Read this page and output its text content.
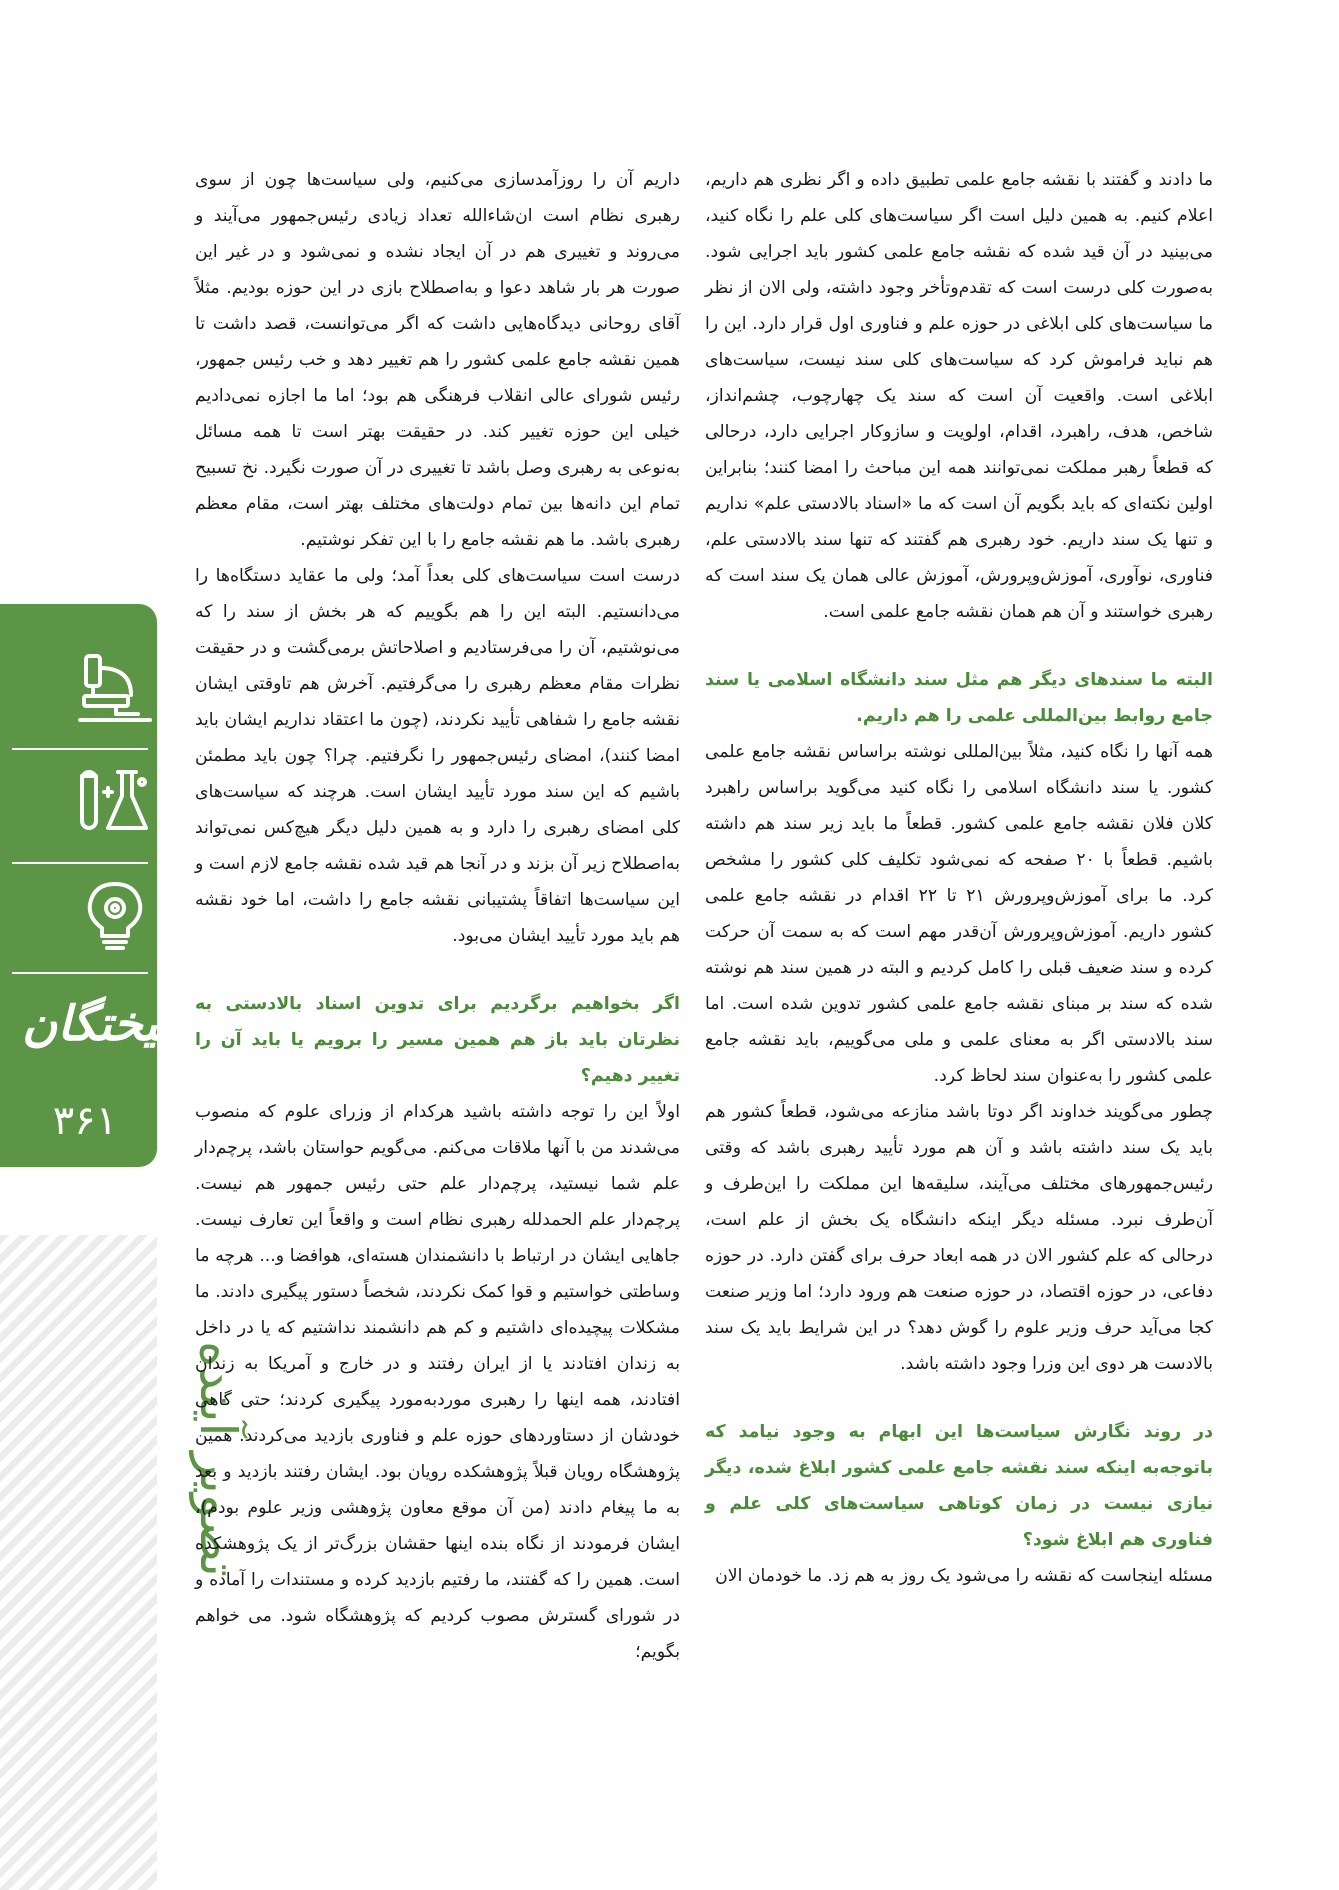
فرهیختگان
۳۶۱
تصویر آینده

ما دادند و گفتند با نقشه جامع علمی تطبیق داده و اگر نظری هم داریم، اعلام کنیم. به همین دلیل است اگر سیاست‌های کلی علم را نگاه کنید، می‌بینید در آن قید شده که نقشه جامع علمی کشور باید اجرایی شود. به‌صورت کلی درست است که تقدم‌وتأخر وجود داشته، ولی الان از نظر ما سیاست‌های کلی ابلاغی در حوزه علم و فناوری اول قرار دارد. این را هم نباید فراموش کرد که سیاست‌های کلی سند نیست، سیاست‌های ابلاغی است. واقعیت آن است که سند یک چهارچوب، چشم‌انداز، شاخص، هدف، راهبرد، اقدام، اولویت و سازوکار اجرایی دارد، درحالی که قطعاً رهبر مملکت نمی‌توانند همه این مباحث را امضا کنند؛ بنابراین اولین نکته‌ای که باید بگویم آن است که ما «اسناد بالادستی علم» نداریم و تنها یک سند داریم. خود رهبری هم گفتند که تنها سند بالادستی علم، فناوری، نوآوری، آموزش‌وپرورش، آموزش عالی همان یک سند است که رهبری خواستند و آن هم همان نقشه جامع علمی است.

البته ما سندهای دیگر هم مثل سند دانشگاه اسلامی یا سند جامع روابط بین‌المللی علمی را هم داریم.

همه آنها را نگاه کنید، مثلاً بین‌المللی نوشته براساس نقشه جامع علمی کشور. یا سند دانشگاه اسلامی را نگاه کنید می‌گوید براساس راهبرد کلان فلان نقشه جامع علمی کشور. قطعاً ما باید زیر سند هم داشته باشیم. قطعاً با ۲۰ صفحه که نمی‌شود تکلیف کلی کشور را مشخص کرد. ما برای آموزش‌وپرورش ۲۱ تا ۲۲ اقدام در نقشه جامع علمی کشور داریم. آموزش‌وپرورش آن‌قدر مهم است که به سمت آن حرکت کرده و سند ضعیف قبلی را کامل کردیم و البته در همین سند هم نوشته شده که سند بر مبنای نقشه جامع علمی کشور تدوین شده است. اما سند بالادستی اگر به معنای علمی و ملی می‌گوییم، باید نقشه جامع علمی کشور را به‌عنوان سند لحاظ کرد.

چطور می‌گویند خداوند اگر دوتا باشد منازعه می‌شود، قطعاً کشور هم باید یک سند داشته باشد و آن هم مورد تأیید رهبری باشد که وقتی رئیس‌جمهورهای مختلف می‌آیند، سلیقه‌ها این مملکت را این‌طرف و آن‌طرف نبرد. مسئله دیگر اینکه دانشگاه یک بخش از علم است، درحالی که علم کشور الان در همه ابعاد حرف برای گفتن دارد. در حوزه دفاعی، در حوزه اقتصاد، در حوزه صنعت هم ورود دارد؛ اما وزیر صنعت کجا می‌آید حرف وزیر علوم را گوش دهد؟ در این شرایط باید یک سند بالادست هر دوی این وزرا وجود داشته باشد.

در روند نگارش سیاست‌ها این ابهام به وجود نیامد که باتوجه‌به اینکه سند نقشه جامع علمی کشور ابلاغ شده، دیگر نیازی نیست در زمان کوتاهی سیاست‌های کلی علم و فناوری هم ابلاغ شود؟

مسئله اینجاست که نقشه را می‌شود یک روز به هم زد. ما خودمان الان

داریم آن را روزآمدسازی می‌کنیم، ولی سیاست‌ها چون از سوی رهبری نظام است ان‌شاءالله تعداد زیادی رئیس‌جمهور می‌آیند و می‌روند و تغییری هم در آن ایجاد نشده و نمی‌شود و در غیر این صورت هر بار شاهد دعوا و به‌اصطلاح بازی در این حوزه بودیم. مثلاً آقای روحانی دیدگاه‌هایی داشت که اگر می‌توانست، قصد داشت تا همین نقشه جامع علمی کشور را هم تغییر دهد و خب رئیس جمهور، رئیس شورای عالی انقلاب فرهنگی هم بود؛ اما ما اجازه نمی‌دادیم خیلی این حوزه تغییر کند. در حقیقت بهتر است تا همه مسائل به‌نوعی به رهبری وصل باشد تا تغییری در آن صورت نگیرد. نخ تسبیح تمام این دانه‌ها بین تمام دولت‌های مختلف بهتر است، مقام معظم رهبری باشد. ما هم نقشه جامع را با این تفکر نوشتیم.

درست است سیاست‌های کلی بعداً آمد؛ ولی ما عقاید دستگاه‌ها را می‌دانستیم. البته این را هم بگوییم که هر بخش از سند را که می‌نوشتیم، آن را می‌فرستادیم و اصلاحاتش برمی‌گشت و در حقیقت نظرات مقام معظم رهبری را می‌گرفتیم. آخرش هم تاوقتی ایشان نقشه جامع را شفاهی تأیید نکردند، (چون ما اعتقاد نداریم ایشان باید امضا کنند)، امضای رئیس‌جمهور را نگرفتیم. چرا؟ چون باید مطمئن باشیم که این سند مورد تأیید ایشان است. هرچند که سیاست‌های کلی امضای رهبری را دارد و به همین دلیل دیگر هیچ‌کس نمی‌تواند به‌اصطلاح زیر آن بزند و در آنجا هم قید شده نقشه جامع لازم است و این سیاست‌ها اتفاقاً پشتیبانی نقشه جامع را داشت، اما خود نقشه هم باید مورد تأیید ایشان می‌بود.

اگر بخواهیم برگردیم برای تدوین اسناد بالادستی به نظرتان باید باز هم همین مسیر را برویم یا باید آن را تغییر دهیم؟

اولاً این را توجه داشته باشید هرکدام از وزرای علوم که منصوب می‌شدند من با آنها ملاقات می‌کنم. می‌گویم حواستان باشد، پرچم‌دار علم شما نیستید، پرچم‌دار علم حتی رئیس جمهور هم نیست. پرچم‌دار علم الحمدلله رهبری نظام است و واقعاً این تعارف نیست. جاهایی ایشان در ارتباط با دانشمندان هسته‌ای، هوافضا و... هرچه ما وساطتی خواستیم و قوا کمک نکردند، شخصاً دستور پیگیری دادند. ما مشکلات پیچیده‌ای داشتیم و کم هم دانشمند نداشتیم که یا در داخل به زندان افتادند یا از ایران رفتند و در خارج و آمریکا به زندان افتادند، همه اینها را رهبری موردبه‌مورد پیگیری کردند؛ حتی گاهی خودشان از دستاوردهای حوزه علم و فناوری بازدید می‌کردند. همین پژوهشگاه رویان قبلاً پژوهشکده رویان بود. ایشان رفتند بازدید و بعد به ما پیغام دادند (من آن موقع معاون پژوهشی وزیر علوم بودم)، ایشان فرمودند از نگاه بنده اینها حقشان بزرگ‌تر از یک پژوهشکده است. همین را که گفتند، ما رفتیم بازدید کرده و مستندات را آماده و در شورای گسترش مصوب کردیم که پژوهشگاه شود. می خواهم بگویم؛
